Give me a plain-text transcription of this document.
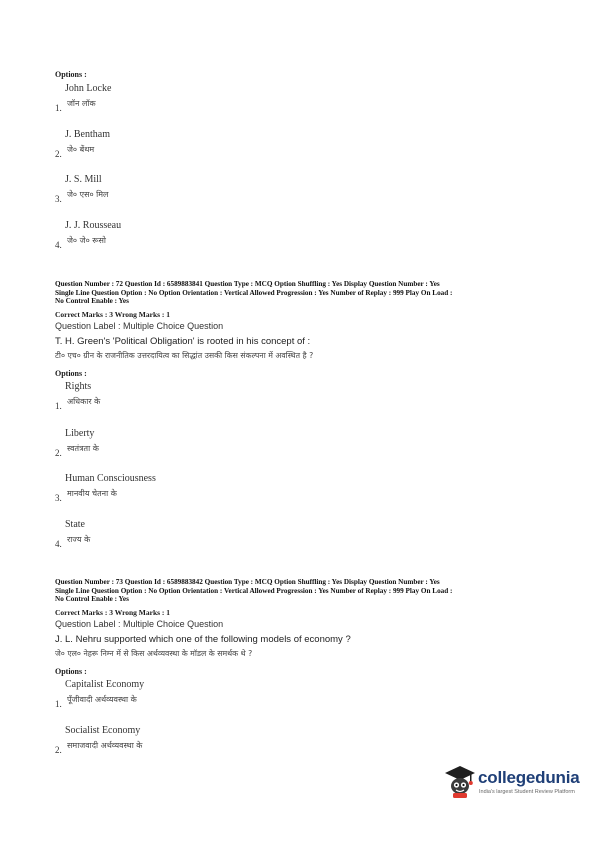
Options :
John Locke
1. जॉन लॉक
J. Bentham
2. जे० बेंथम
J. S. Mill
3. जे० एस० मिल
J. J. Rousseau
4. जे० जे० रूसो
Question Number : 72 Question Id : 6589883841 Question Type : MCQ Option Shuffling : Yes Display Question Number : Yes
Single Line Question Option : No Option Orientation : Vertical Allowed Progression : Yes Number of Replay : 999 Play On Load :
No Control Enable : Yes
Correct Marks : 3 Wrong Marks : 1
Question Label : Multiple Choice Question
T. H. Green's 'Political Obligation' is rooted in his concept of :
टी० एच० ग्रीन के राजनीतिक उत्तरदायित्व का सिद्धांत उसकी किस संकल्पना में अवस्थित है ?
Options :
Rights
1. अधिकार के
Liberty
2. स्वतंत्रता के
Human Consciousness
3. मानवीय चेतना के
State
4. राज्य के
Question Number : 73 Question Id : 6589883842 Question Type : MCQ Option Shuffling : Yes Display Question Number : Yes
Single Line Question Option : No Option Orientation : Vertical Allowed Progression : Yes Number of Replay : 999 Play On Load :
No Control Enable : Yes
Correct Marks : 3 Wrong Marks : 1
Question Label : Multiple Choice Question
J. L. Nehru supported which one of the following models of economy ?
जे० एल० नेहरू निम्न में से किस अर्थव्यवस्था के मॉडल के समर्थक थे ?
Options :
Capitalist Economy
1. पूँजीवादी अर्थव्यवस्था के
Socialist Economy
2. समाजवादी अर्थव्यवस्था के
collegedunia
India's largest Student Review Platform
